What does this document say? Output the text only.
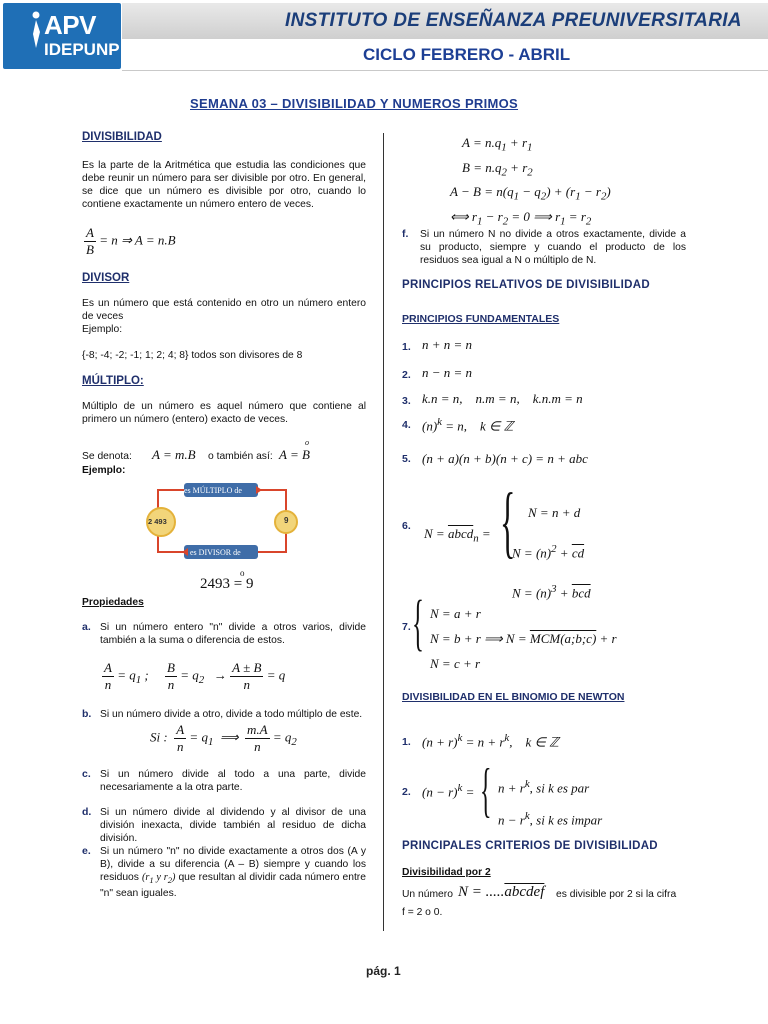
APV
IDEPUNP
INSTITUTO DE ENSEÑANZA PREUNIVERSITARIA
CICLO FEBRERO - ABRIL
SEMANA 03 – DIVISIBILIDAD Y NUMEROS PRIMOS
DIVISIBILIDAD
Es la parte de la Aritmética que estudia las condiciones que debe reunir un número para ser divisible por otro. En general, se dice que un número es divisible por otro, cuando lo contiene exactamente un número entero de veces.
$\frac{A}{B} = n$ ⇒ A = n.B
DIVISOR
Es un número que está contenido en otro un número entero de veces
Ejemplo:
{-8; -4; -2; -1; 1; 2; 4; 8} todos son divisores de 8
MÚLTIPLO:
Múltiplo de un número es aquel número que contiene al primero un número (entero) exacto de veces.
Se denota: A = m.B o también así: A = B
o
Ejemplo:
es MÚLTIPLO de
es DIVISOR de
2 493	9
2493 = 9
o
Propiedades
a. Si un número entero "n" divide a otros varios, divide también a la suma o diferencia de estos.
$\frac{A}{n} = q_1$ ; $\frac{B}{n} = q_2 \to \frac{A \pm B}{n} = q$
b. Si un número divide a otro, divide a todo múltiplo de este.
Si : $\frac{A}{n} = q_1$  ⟹ $\frac{m.A}{n} = q_2$
c. Si un número divide al todo a una parte, divide necesariamente a la otra parte.
d. Si un número divide al dividendo y al divisor de una división inexacta, divide también al residuo de dicha división.
e. Si un número "n" no divide exactamente a otros dos (A y B), divide a su diferencia (A – B) siempre y cuando los residuos ($r_1$ y $r_2$) que resultan al dividir cada número entre "n" sean iguales.
$A = n.q_1 + r_1$
$B = n.q_2 + r_2$
$A - B = n(q_1 - q_2) + (r_1 - r_2)$
⟺ $r_1 - r_2 = 0$ ⟹ $r_1 = r_2$
f. Si un número N no divide a otros exactamente, divide a su producto, siempre y cuando el producto de los residuos sea igual a N o múltiplo de N.
PRINCIPIOS RELATIVOS DE DIVISIBILIDAD
PRINCIPIOS FUNDAMENTALES
1. n + n = n
2. n − n = n
3. k.n = n,    n.m = n,    k.n.m = n
4. $(n)^k = n$,    k ∈ ℤ
5. (n + a)(n + b)(n + c) = n + abc
6. N = abcd$_n$ = { N = n + d
$N = (n)^2 + \overline{cd}$
$N = (n)^3 + \overline{bcd}$
7. { N = a + r
N = b + r ⟹ N = MCM(a;b;c) + r
N = c + r
DIVISIBILIDAD EN EL BINOMIO DE NEWTON
1. $(n + r)^k = n + r^k$,    k ∈ ℤ
2. $(n - r)^k$ = { $n + r^k$, si k es par
$n - r^k$, si k es impar
PRINCIPALES CRITERIOS DE DIVISIBILIDAD
Divisibilidad por 2
Un número N = .....abcdef es divisible por 2 si la cifra
f = 2 o 0.
pág. 1
